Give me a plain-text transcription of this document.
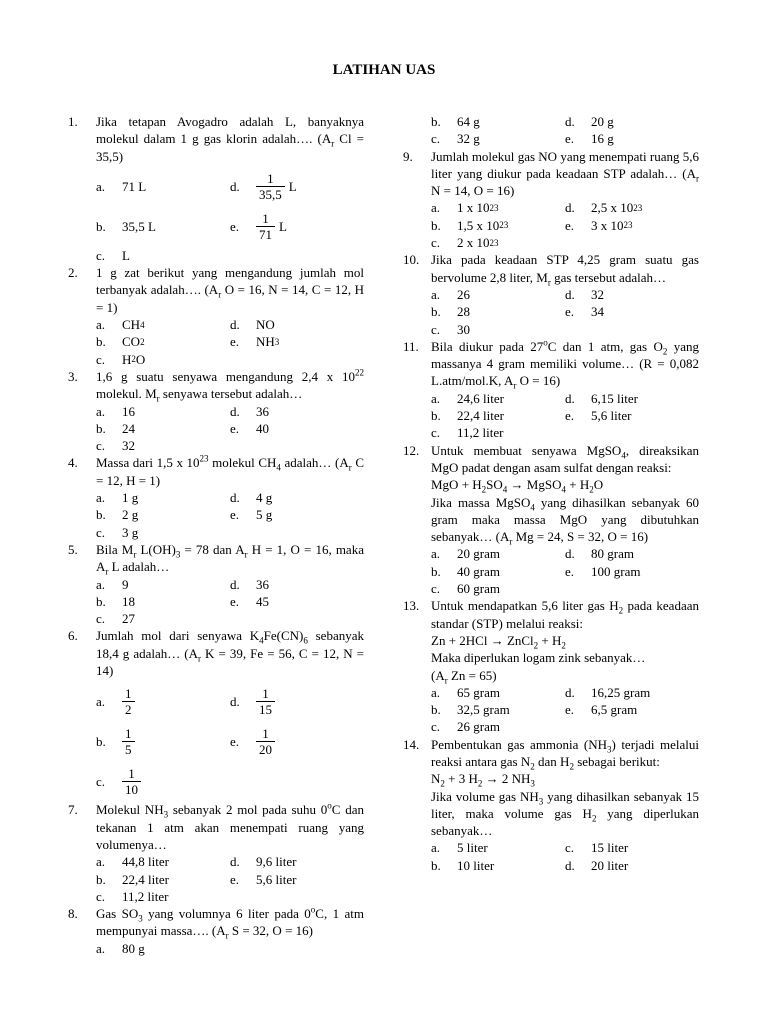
LATIHAN UAS
1. Jika tetapan Avogadro adalah L, banyaknya molekul dalam 1 g gas klorin adalah…. ($A_r$ Cl = 35,5)
a.	71 L	d.	$\frac{1}{35,5}$ L
b.	35,5 L	e.	$\frac{1}{71}$ L
c.	L
2. 1 g zat berikut yang mengandung jumlah mol terbanyak adalah…. ($A_r$ O = 16, N = 14, C = 12, H = 1)
a.	CH 4	d.	NO
b.	CO 2	e.	NH 3
c.	H 2 O
3. 1,6 g suatu senyawa mengandung 2,4 x $10^{22}$ molekul. $M_r$ senyawa tersebut adalah…
a.	16	d.	36
b.	24	e.	40
c.	32
4. Massa dari 1,5 x $10^{23}$ molekul $CH_4$ adalah… ($A_r$ C = 12, H = 1)
a.	1 g	d.	4 g
b.	2 g	e.	5 g
c.	3 g
5. Bila $M_r$ $L(OH)_3 = 78$ dan $A_r$ H = 1, O = 16, maka $A_r$ L adalah…
a.	9	d.	36
b.	18	e.	45
c.	27
6. Jumlah mol dari senyawa $K_4Fe(CN)_6$ sebanyak 18,4 g adalah… ($A_r$ K = 39, Fe = 56, C = 12, N = 14)
a.	$\frac{1}{2}$	d.	$\frac{1}{15}$
b.	$\frac{1}{5}$	e.	$\frac{1}{20}$
c.	$\frac{1}{10}$
7. Molekul $NH_3$ sebanyak 2 mol pada suhu 0$^o$C dan tekanan 1 atm akan menempati ruang yang volumenya…
a.	44,8 liter	d.	9,6 liter
b.	22,4 liter	e.	5,6 liter
c.	11,2 liter
8. Gas $SO_3$ yang volumnya 6 liter pada 0$^o$C, 1 atm mempunyai massa…. ($A_r$ S = 32, O = 16)
a.	80 g
b.	64 g	d.	20 g
c.	32 g	e.	16 g
9. Jumlah molekul gas NO yang menempati ruang 5,6 liter yang diukur pada keadaan STP adalah… ($A_r$ N = 14, O = 16)
a.	1 x 10 23	d.	2,5 x 10 23
b.	1,5 x 10 23	e.	3 x 10 23
c.	2 x 10 23
10. Jika pada keadaan STP 4,25 gram suatu gas bervolume 2,8 liter, $M_r$ gas tersebut adalah…
a.	26	d.	32
b.	28	e.	34
c.	30
11. Bila diukur pada 27$^o$C dan 1 atm, gas $O_2$ yang massanya 4 gram memiliki volume… (R = 0,082 L.atm/mol.K, $A_r$ O = 16)
a.	24,6 liter	d.	6,15 liter
b.	22,4 liter	e.	5,6 liter
c.	11,2 liter
12. Untuk membuat senyawa MgSO$_4$, direaksikan MgO padat dengan asam sulfat dengan reaksi:
MgO + $H_2SO_4$ → MgSO$_4$ + $H_2O$
Jika massa MgSO$_4$ yang dihasilkan sebanyak 60 gram maka massa MgO yang dibutuhkan sebanyak… ($A_r$ Mg = 24, S = 32, O = 16)
a.	20 gram	d.	80 gram
b.	40 gram	e.	100 gram
c.	60 gram
13. Untuk mendapatkan 5,6 liter gas $H_2$ pada keadaan standar (STP) melalui reaksi:
Zn + 2HCl → ZnCl$_2$ + $H_2$
Maka diperlukan logam zink sebanyak…
($A_r$ Zn = 65)
a.	65 gram	d.	16,25 gram
b.	32,5 gram	e.	6,5 gram
c.	26 gram
14. Pembentukan gas ammonia $(NH_3)$ terjadi melalui reaksi antara gas $N_2$ dan $H_2$ sebagai berikut:
$N_2 + 3$ $H_2 \to 2$ $NH_3$
Jika volume gas $NH_3$ yang dihasilkan sebanyak 15 liter, maka volume gas $H_2$ yang diperlukan sebanyak…
a.	5 liter	c.	15 liter
b.	10 liter	d.	20 liter
